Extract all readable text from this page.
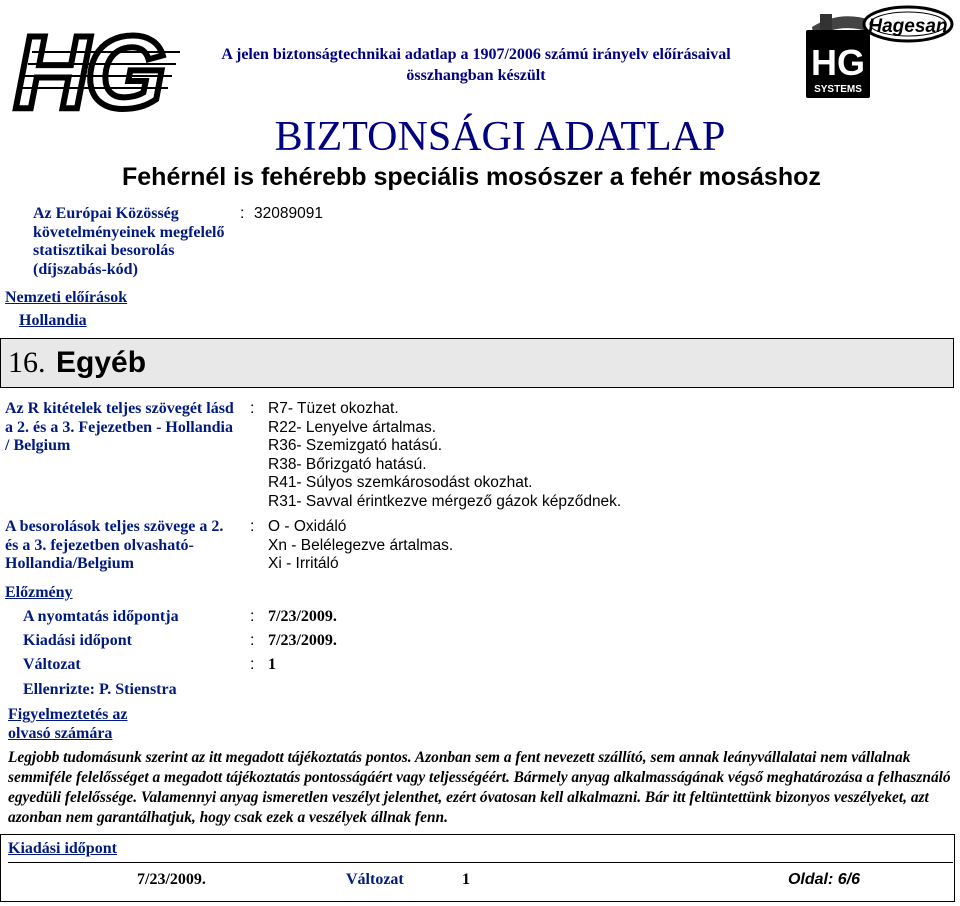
HG	A jelen biztonságtechnikai adatlap a 1907/2006 számú irányelv előírásaival összhangban készült
BIZTONSÁGI ADATLAP
Fehérnél is fehérebb speciális mosószer a fehér mosáshoz
HG
SYSTEMS
Hagesan
Az Európai Közösség követelményeinek megfelelő statisztikai besorolás (díjszabás-kód)
: 32089091
Nemzeti előírások
Hollandia
16. Egyéb
Az R kitételek teljes szövegét lásd a 2. és a 3. Fejezetben - Hollandia / Belgium
: R7- Tüzet okozhat.
R22- Lenyelve ártalmas.
R36- Szemizgató hatású.
R38- Bőrizgató hatású.
R41- Súlyos szemkárosodást okozhat.
R31- Savval érintkezve mérgező gázok képződnek.
A besorolások teljes szövege a 2. és a 3. fejezetben olvasható- Hollandia/Belgium
: O - Oxidáló
Xn - Belélegezve ártalmas.
Xi - Irritáló
Előzmény
A nyomtatás időpontja	: 7/23/2009.
Kiadási időpont	: 7/23/2009.
Változat	: 1
Ellenrizte: P. Stienstra
Figyelmeztetés az olvasó számára
Legjobb tudomásunk szerint az itt megadott tájékoztatás pontos. Azonban sem a fent nevezett szállító, sem annak leányvállalatai nem vállalnak semmiféle felelősséget a megadott tájékoztatás pontosságáért vagy teljességéért. Bármely anyag alkalmasságának végső meghatározása a felhasználó egyedüli felelőssége. Valamennyi anyag ismeretlen veszélyt jelenthet, ezért óvatosan kell alkalmazni. Bár itt feltüntettünk bizonyos veszélyeket, azt azonban nem garantálhatjuk, hogy csak ezek a veszélyek állnak fenn.
Kiadási időpont
7/23/2009.	Változat	1	Oldal: 6/6
